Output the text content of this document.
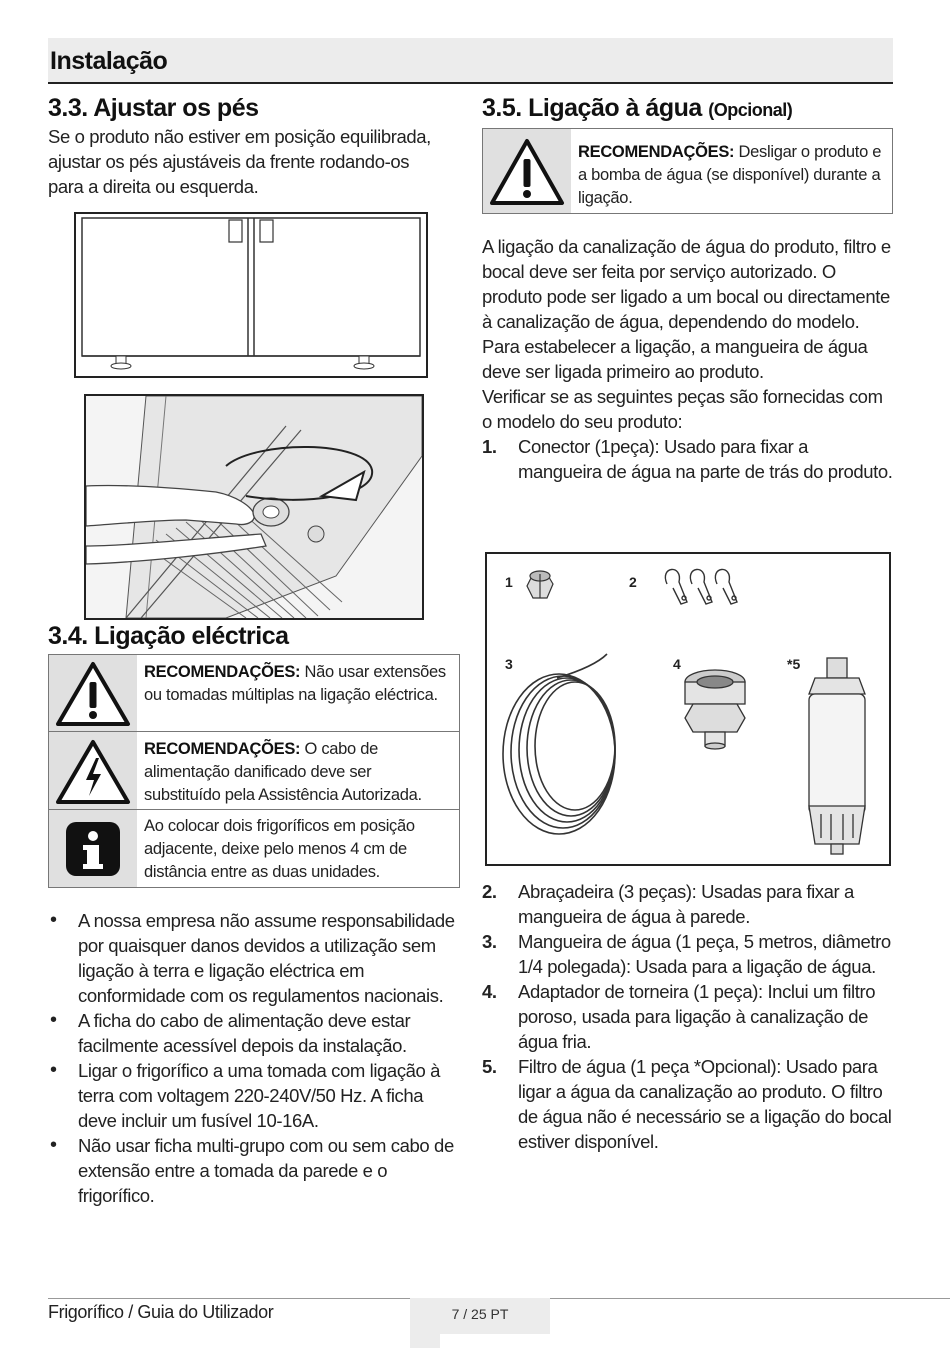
Instalação
3.3. Ajustar os pés

Se o produto não estiver em posição equilibrada, ajustar os pés ajustáveis da frente rodando-os para a direita ou esquerda.

3.4. Ligação eléctrica
RECOMENDAÇÕES: Não usar extensões ou tomadas múltiplas na ligação eléctrica.
RECOMENDAÇÕES: O cabo de alimentação danificado deve ser substituído pela Assistência Autorizada.
Ao colocar dois frigoríficos em posição adjacente, deixe pelo menos 4 cm de distância entre as duas unidades.
• A nossa empresa não assume responsabilidade por quaisquer danos devidos a utilização sem ligação à terra e ligação eléctrica em conformidade com os regulamentos nacionais.
• A ficha do cabo de alimentação deve estar facilmente acessível depois da instalação.
• Ligar o frigorífico a uma tomada com ligação à terra com voltagem 220-240V/50 Hz. A ficha deve incluir um fusível 10-16A.
• Não usar ficha multi-grupo com ou sem cabo de extensão entre a tomada da parede e o frigorífico.
3.5. Ligação à água (Opcional)
RECOMENDAÇÕES: Desligar o produto e a bomba de água (se disponível) durante a ligação.

A ligação da canalização de água do produto, filtro e bocal deve ser feita por serviço autorizado. O produto pode ser ligado a um bocal ou directamente à canalização de água, dependendo do modelo. Para estabelecer a ligação, a mangueira de água deve ser ligada primeiro ao produto.

Verificar se as seguintes peças são fornecidas com o modelo do seu produto:

1. Conector (1peça): Usado para fixar a mangueira de água na parte de trás do produto.
1	2
3	4	*5
2. Abraçadeira (3 peças): Usadas para fixar a mangueira de água à parede.
3. Mangueira de água (1 peça, 5 metros, diâmetro 1/4 polegada): Usada para a ligação de água.
4. Adaptador de torneira (1 peça): Inclui um filtro poroso, usada para ligação à canalização de água fria.
5. Filtro de água (1 peça *Opcional): Usado para ligar a água da canalização ao produto. O filtro de água não é necessário se a ligação do bocal estiver disponível.
Frigorífico / Guia do Utilizador	7 / 25 PT
